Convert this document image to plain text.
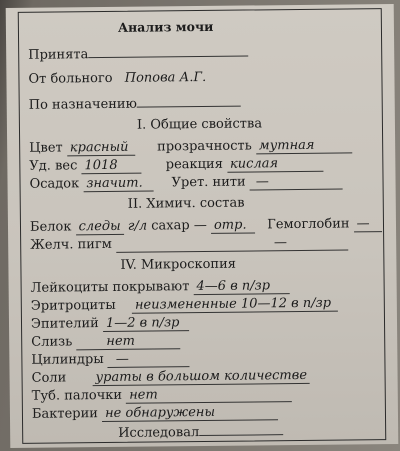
Анализ мочи
Принята
От больного Попова А.Г.
По назначению
I. Общие свойства
Цвет красный прозрачность мутная
Уд. вес 1018	реакция кислая
Осадок значит. Урет. нити —
II. Химич. состав
Белок следы г/л сахар — отр. Гемоглобин —
Желч. пигм	—
IV. Микроскопия
Лейкоциты покрывают 4—6 в п/зр
Эритроциты неизмененные 10—12 в п/зр
Эпителий 1—2 в п/зр
Слизь	нет
Цилиндры —
Соли ураты в большом количестве
Туб. палочки нет
Бактерии не обнаружены
Исследовал
